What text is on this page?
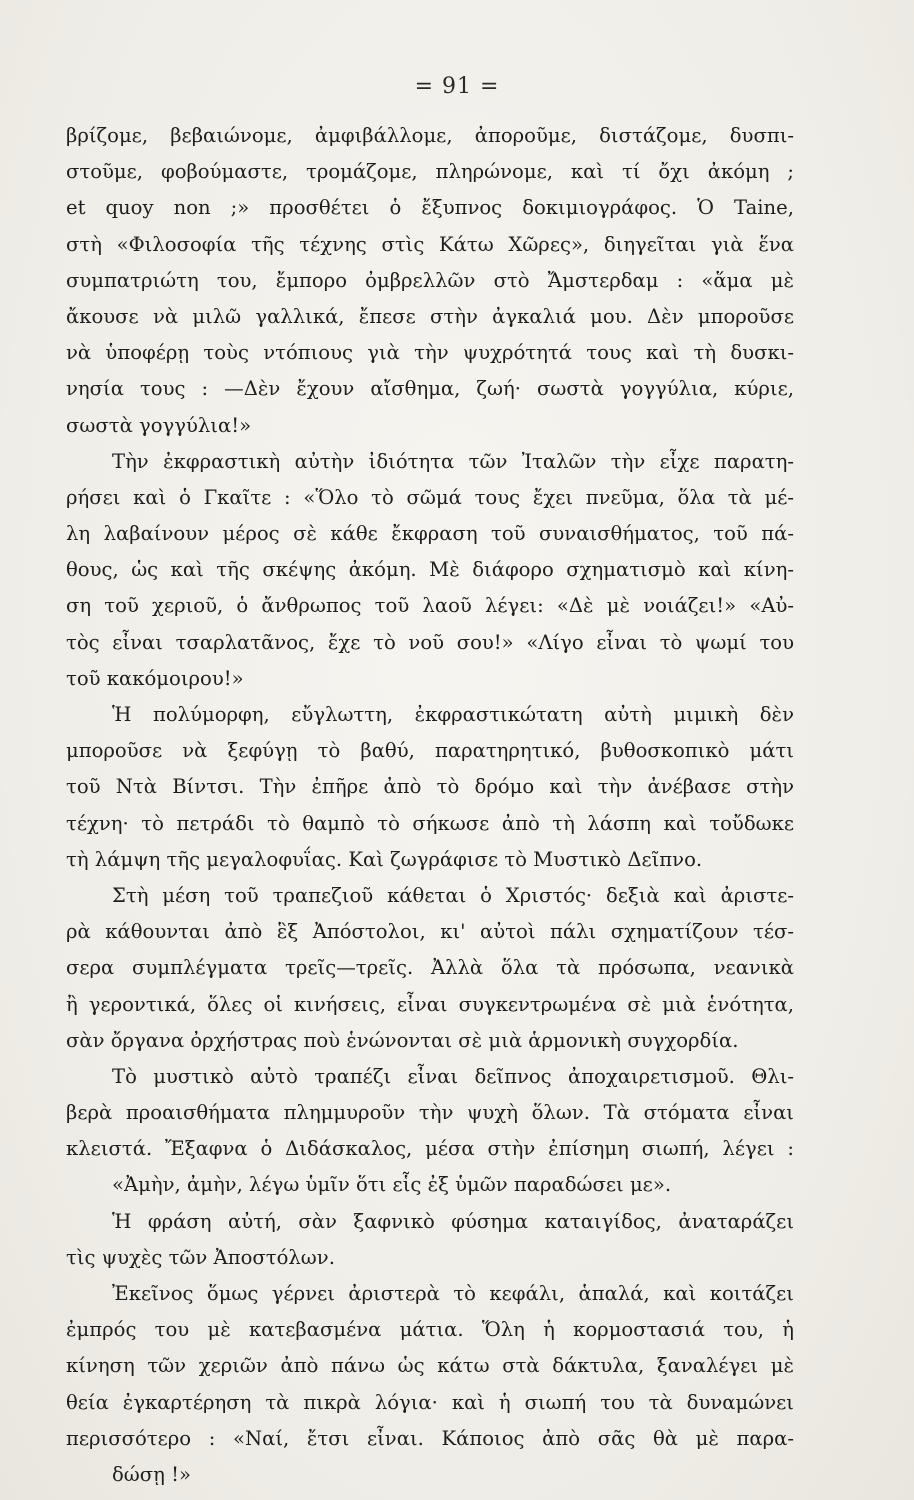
= 91 =
βρίζομε, βεβαιώνομε, ἀμφιβάλλομε, ἀποροῦμε, διστάζομε, δυσπι-
στοῦμε, φοβούμαστε, τρομάζομε, πληρώνομε, καὶ τί ὄχι ἀκόμη ;
et quoy non ;» προσθέτει ὁ ἔξυπνος δοκιμιογράφος. Ὁ Taine,
στὴ «Φιλοσοφία τῆς τέχνης στὶς Κάτω Χῶρες», διηγεῖται γιὰ ἕνα
συμπατριώτη του, ἔμπορο ὀμβρελλῶν στὸ Ἄμστερδαμ : «ἅμα μὲ
ἄκουσε νὰ μιλῶ γαλλικά, ἔπεσε στὴν ἀγκαλιά μου. Δὲν μποροῦσε
νὰ ὑποφέρῃ τοὺς ντόπιους γιὰ τὴν ψυχρότητά τους καὶ τὴ δυσκι-
νησία τους : —Δὲν ἔχουν αἴσθημα, ζωή· σωστὰ γογγύλια, κύριε,
σωστὰ γογγύλια!»
Τὴν ἐκφραστικὴ αὐτὴν ἰδιότητα τῶν Ἰταλῶν τὴν εἶχε παρατη-
ρήσει καὶ ὁ Γκαῖτε : «Ὅλο τὸ σῶμά τους ἔχει πνεῦμα, ὅλα τὰ μέ-
λη λαβαίνουν μέρος σὲ κάθε ἔκφραση τοῦ συναισθήματος, τοῦ πά-
θους, ὡς καὶ τῆς σκέψης ἀκόμη. Μὲ διάφορο σχηματισμὸ καὶ κίνη-
ση τοῦ χεριοῦ, ὁ ἄνθρωπος τοῦ λαοῦ λέγει: «Δὲ μὲ νοιάζει!» «Αὐ-
τὸς εἶναι τσαρλατᾶνος, ἔχε τὸ νοῦ σου!» «Λίγο εἶναι τὸ ψωμί του
τοῦ κακόμοιρου!»
Ἡ πολύμορφη, εὔγλωττη, ἐκφραστικώτατη αὐτὴ μιμικὴ δὲν
μποροῦσε νὰ ξεφύγῃ τὸ βαθύ, παρατηρητικό, βυθοσκοπικὸ μάτι
τοῦ Ντὰ Βίντσι. Τὴν ἐπῆρε ἀπὸ τὸ δρόμο καὶ τὴν ἀνέβασε στὴν
τέχνη· τὸ πετράδι τὸ θαμπὸ τὸ σήκωσε ἀπὸ τὴ λάσπη καὶ τοὔδωκε
τὴ λάμψη τῆς μεγαλοφυΐας. Καὶ ζωγράφισε τὸ Μυστικὸ Δεῖπνο.
Στὴ μέση τοῦ τραπεζιοῦ κάθεται ὁ Χριστός· δεξιὰ καὶ ἀριστε-
ρὰ κάθουνται ἀπὸ ἓξ Ἀπόστολοι, κι' αὐτοὶ πάλι σχηματίζουν τέσ-
σερα συμπλέγματα τρεῖς—τρεῖς. Ἀλλὰ ὅλα τὰ πρόσωπα, νεανικὰ
ἢ γεροντικά, ὅλες οἱ κινήσεις, εἶναι συγκεντρωμένα σὲ μιὰ ἑνότητα,
σὰν ὄργανα ὀρχήστρας ποὺ ἑνώνονται σὲ μιὰ ἁρμονικὴ συγχορδία.
Τὸ μυστικὸ αὐτὸ τραπέζι εἶναι δεῖπνος ἀποχαιρετισμοῦ. Θλι-
βερὰ προαισθήματα πλημμυροῦν τὴν ψυχὴ ὅλων. Τὰ στόματα εἶναι
κλειστά. Ἔξαφνα ὁ Διδάσκαλος, μέσα στὴν ἐπίσημη σιωπή, λέγει :
«Ἀμὴν, ἀμὴν, λέγω ὑμῖν ὅτι εἷς ἐξ ὑμῶν παραδώσει με».
Ἡ φράση αὐτή, σὰν ξαφνικὸ φύσημα καταιγίδος, ἀναταράζει
τὶς ψυχὲς τῶν Ἀποστόλων.
Ἐκεῖνος ὅμως γέρνει ἀριστερὰ τὸ κεφάλι, ἁπαλά, καὶ κοιτάζει
ἐμπρός του μὲ κατεβασμένα μάτια. Ὅλη ἡ κορμοστασιά του, ἡ
κίνηση τῶν χεριῶν ἀπὸ πάνω ὡς κάτω στὰ δάκτυλα, ξαναλέγει μὲ
θεία ἐγκαρτέρηση τὰ πικρὰ λόγια· καὶ ἡ σιωπή του τὰ δυναμώνει
περισσότερο : «Ναί, ἔτσι εἶναι. Κάποιος ἀπὸ σᾶς θὰ μὲ παρα-
δώσῃ !»
